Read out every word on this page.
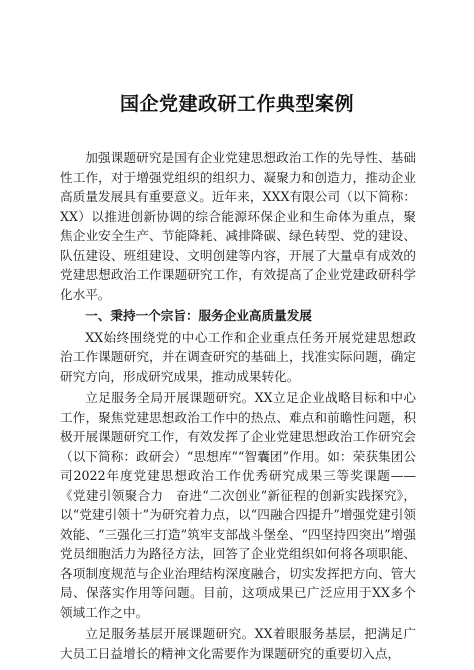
国企党建政研工作典型案例

加强课题研究是国有企业党建思想政治工作的先导性、基础性工作，对于增强党组织的组织力、凝聚力和创造力，推动企业高质量发展具有重要意义。近年来，XXX有限公司（以下简称：XX）以推进创新协调的综合能源环保企业和生命体为重点，聚焦企业安全生产、节能降耗、减排降碳、绿色转型、党的建设、队伍建设、班组建设、文明创建等内容，开展了大量卓有成效的党建思想政治工作课题研究工作，有效提高了企业党建政研科学化水平。

一、秉持一个宗旨：服务企业高质量发展

XX始终围绕党的中心工作和企业重点任务开展党建思想政治工作课题研究，并在调查研究的基础上，找准实际问题，确定研究方向，形成研究成果，推动成果转化。

立足服务全局开展课题研究。XX立足企业战略目标和中心工作，聚焦党建思想政治工作中的热点、难点和前瞻性问题，积极开展课题研究工作，有效发挥了企业党建思想政治工作研究会（以下简称：政研会）“思想库”“智囊团”作用。如：荣获集团公司2022年度党建思想政治工作优秀研究成果三等奖课题——《党建引领聚合力　奋进“二次创业”新征程的创新实践探究》，以“党建引领十”为研究着力点，以“四融合四提升”增强党建引领效能、“三强化三打造”筑牢支部战斗堡垒、“四坚持四突出”增强党员细胞活力为路径方法，回答了企业党组织如何将各项职能、各项制度规范与企业治理结构深度融合，切实发挥把方向、管大局、保落实作用等问题。目前，这项成果已广泛应用于XX多个领域工作之中。

立足服务基层开展课题研究。XX着眼服务基层，把满足广大员工日益增长的精神文化需要作为课题研究的重要切入点，
